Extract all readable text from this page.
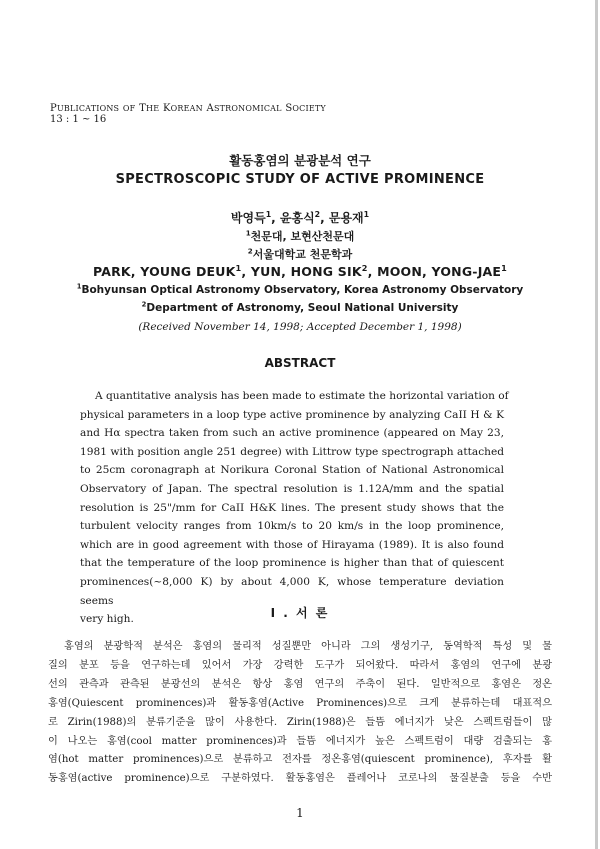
Publications of The Korean Astronomical Society
13 : 1 ~ 16
활동홍염의 분광분석 연구
SPECTROSCOPIC STUDY OF ACTIVE PROMINENCE
박영득$^1$, 윤홍식$^2$, 문용재$^1$
$^1$천문대, 보현산천문대
$^2$서울대학교 천문학과
PARK, YOUNG DEUK$^1$, YUN, HONG SIK$^2$, MOON, YONG-JAE$^1$
$^1$Bohyunsan Optical Astronomy Observatory, Korea Astronomy Observatory
$^2$Department of Astronomy, Seoul National University
(Received November 14, 1998; Accepted December 1, 1998)
ABSTRACT
A quantitative analysis has been made to estimate the horizontal variation of
physical parameters in a loop type active prominence by analyzing CaII H & K
and Hα spectra taken from such an active prominence (appeared on May 23,
1981 with position angle 251 degree) with Littrow type spectrograph attached
to 25cm coronagraph at Norikura Coronal Station of National Astronomical
Observatory of Japan. The spectral resolution is 1.12A/mm and the spatial
resolution is 25"/mm for CaII H&K lines. The present study shows that the
turbulent velocity ranges from 10km/s to 20 km/s in the loop prominence,
which are in good agreement with those of Hirayama (1989). It is also found
that the temperature of the loop prominence is higher than that of quiescent
prominences(~8,000 K) by about 4,000 K, whose temperature deviation seems
very high.	I . 서 론
홍염의 분광학적 분석은 홍염의 물리적 성질뿐만 아니라 그의 생성기구, 동역학적 특성 및 물
질의 분포 등을 연구하는데 있어서 가장 강력한 도구가 되어왔다. 따라서 홍염의 연구에 분광
선의 관측과 관측된 분광선의 분석은 항상 홍염 연구의 주축이 된다. 일반적으로 홍염은 정온
홍염(Quiescent prominences)과 활동홍염(Active Prominences)으로 크게 분류하는데 대표적으
로 Zirin(1988)의 분류기준을 많이 사용한다. Zirin(1988)은 들뜸 에너지가 낮은 스펙트럼들이 많
이 나오는 홍염(cool matter prominences)과 들뜸 에너지가 높은 스펙트럼이 대량 검출되는 홍
염(hot matter prominences)으로 분류하고 전자를 정온홍염(quiescent prominence), 후자를 활
동홍염(active prominence)으로 구분하였다. 활동홍염은 플레어나 코로나의 물질분출 등을 수반
1
